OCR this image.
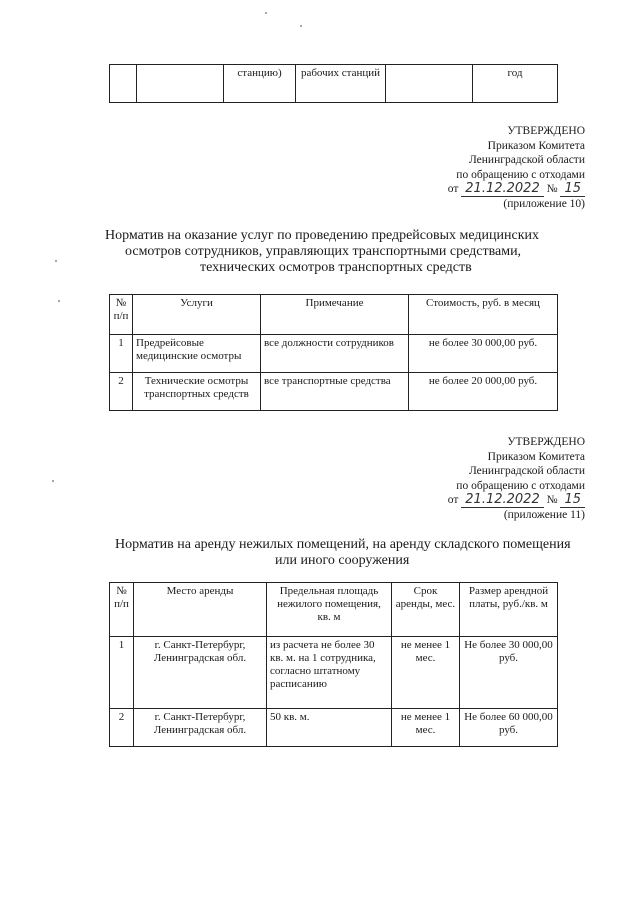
		станцию)	рабочих станций		год
УТВЕРЖДЕНО
Приказом Комитета
Ленинградской области
по обращению с отходами
от 21.12.2022 № 15
(приложение 10)
Норматив на оказание услуг по проведению предрейсовых медицинских
осмотров сотрудников, управляющих транспортными средствами,
технических осмотров транспортных средств
№ п/п	Услуги	Примечание	Стоимость, руб. в месяц
1	Предрейсовые медицинские осмотры	все должности сотрудников	не более 30 000,00 руб.
2	Технические осмотры транспортных средств	все транспортные средства	не более 20 000,00 руб.
УТВЕРЖДЕНО
Приказом Комитета
Ленинградской области
по обращению с отходами
от 21.12.2022 № 15
(приложение 11)
Норматив на аренду нежилых помещений, на аренду складского помещения
или иного сооружения
№ п/п	Место аренды	Предельная площадь нежилого помещения, кв. м	Срок аренды, мес.	Размер арендной платы, руб./кв. м
1	г. Санкт-Петербург, Ленинградская обл.	из расчета не более 30 кв. м. на 1 сотрудника, согласно штатному расписанию	не менее 1 мес.	Не более 30 000,00 руб.
2	г. Санкт-Петербург, Ленинградская обл.	50 кв. м.	не менее 1 мес.	Не более 60 000,00 руб.
